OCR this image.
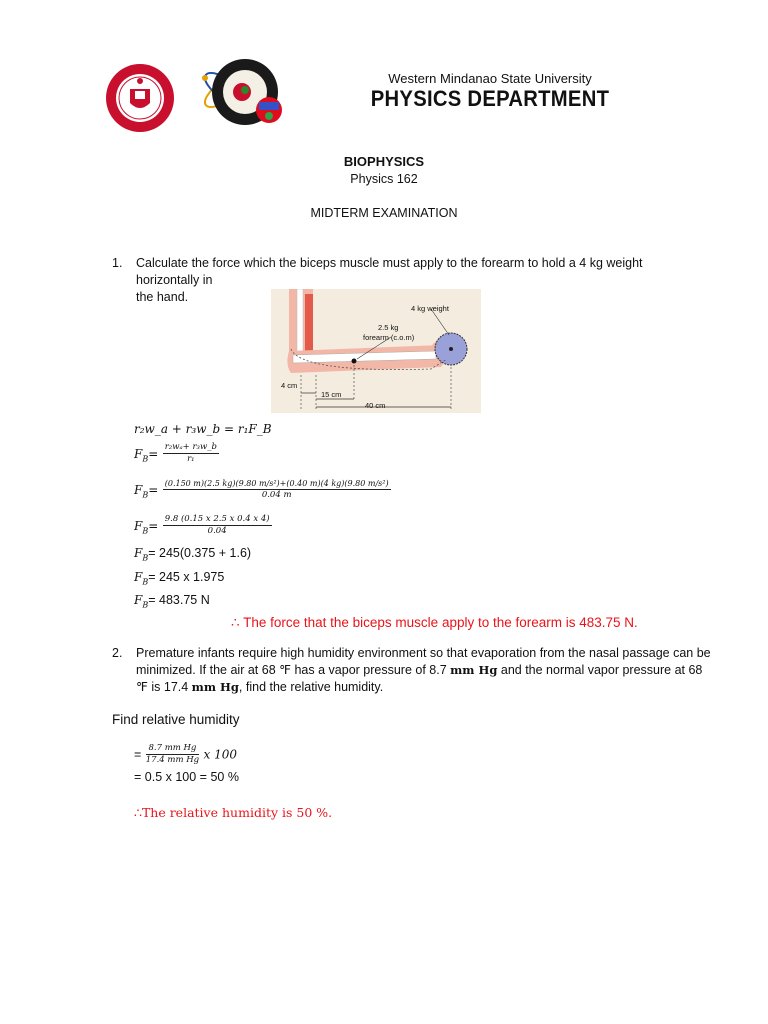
Western Mindanao State University
PHYSICS DEPARTMENT
BIOPHYSICS
Physics 162
MIDTERM EXAMINATION
1. Calculate the force which the biceps muscle must apply to the forearm to hold a 4 kg weight horizontally in
the hand.
4 kg weight
2.5 kg
forearm (c.o.m)
4 cm
15 cm
40 cm
r₂w_a + r₃w_b = r₁F_B
$F_B= \frac{\text{r₂wₐ+ r₃w\_b}}{\text{r₁}}$
$F_B= \frac{\text{(0.150 m)(2.5 kg)(9.80 m/s²)+(0.40 m)(4 kg)(9.80 m/s²)}}{0.04 m}$
$F_B= \frac{9.8 (0.15 x 2.5 x 0.4 x 4)}{0.04}$
$F_B= 245(0.375 + 1.6)$
$F_B= 245$ x 1.975
$F_B= 483.75$ N
∴ The force that the biceps muscle apply to the forearm is 483.75 N.
2. Premature infants require high humidity environment so that evaporation from the nasal passage can be
minimized. If the air at 68 ℉ has a vapor pressure of 8.7 mm Hg and the normal vapor pressure at 68
℉ is 17.4 mm Hg, find the relative humidity.
Find relative humidity
= $\frac{\text{8.7 mm Hg}}{\text{17.4 mm Hg}}$ x 100
= 0.5 x 100 = 50 %
∴The relative humidity is 50 %.
